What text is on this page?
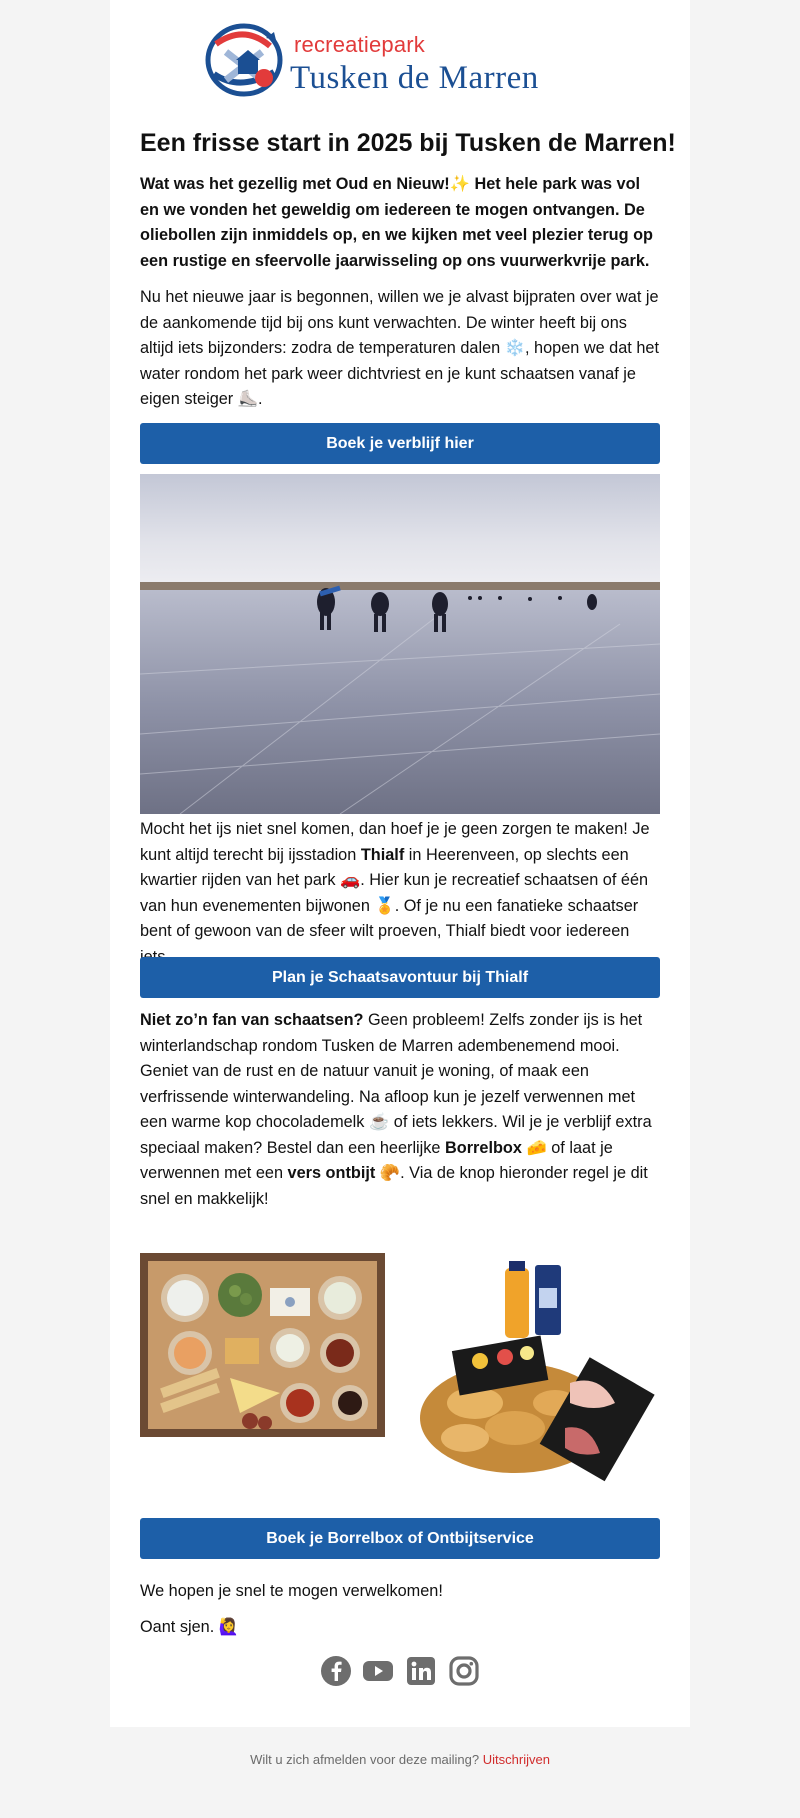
recreatiepark
Tusken de Marren
Een frisse start in 2025 bij Tusken de Marren!

Wat was het gezellig met Oud en Nieuw!✨ Het hele park was vol en we vonden het geweldig om iedereen te mogen ontvangen. De oliebollen zijn inmiddels op, en we kijken met veel plezier terug op een rustige en sfeervolle jaarwisseling op ons vuurwerkvrije park.

Nu het nieuwe jaar is begonnen, willen we je alvast bijpraten over wat je de aankomende tijd bij ons kunt verwachten. De winter heeft bij ons altijd iets bijzonders: zodra de temperaturen dalen ❄️, hopen we dat het water rondom het park weer dichtvriest en je kunt schaatsen vanaf je eigen steiger ⛸️.

Boek je verblijf hier

Mocht het ijs niet snel komen, dan hoef je je geen zorgen te maken! Je kunt altijd terecht bij ijsstadion Thialf in Heerenveen, op slechts een kwartier rijden van het park 🚗. Hier kun je recreatief schaatsen of één van hun evenementen bijwonen 🏅. Of je nu een fanatieke schaatser bent of gewoon van de sfeer wilt proeven, Thialf biedt voor iedereen

Plan je Schaatsavontuur bij Thialf

Niet zo’n fan van schaatsen? Geen probleem! Zelfs zonder ijs is het winterlandschap rondom Tusken de Marren adembenemend mooi. Geniet van de rust en de natuur vanuit je woning, of maak een verfrissende winterwandeling. Na afloop kun je jezelf verwennen met een warme kop chocolademelk ☕ of iets lekkers. Wil je je verblijf extra speciaal maken? Bestel dan een heerlijke Borrelbox 🧀 of laat je verwennen met een vers ontbijt 🥐. Via de knop hieronder regel je dit snel en makkelijk!

Boek je Borrelbox of Ontbijtservice

We hopen je snel te mogen verwelkomen!

Oant sjen. 🙋‍♀️

Wilt u zich afmelden voor deze mailing? Uitschrijven
